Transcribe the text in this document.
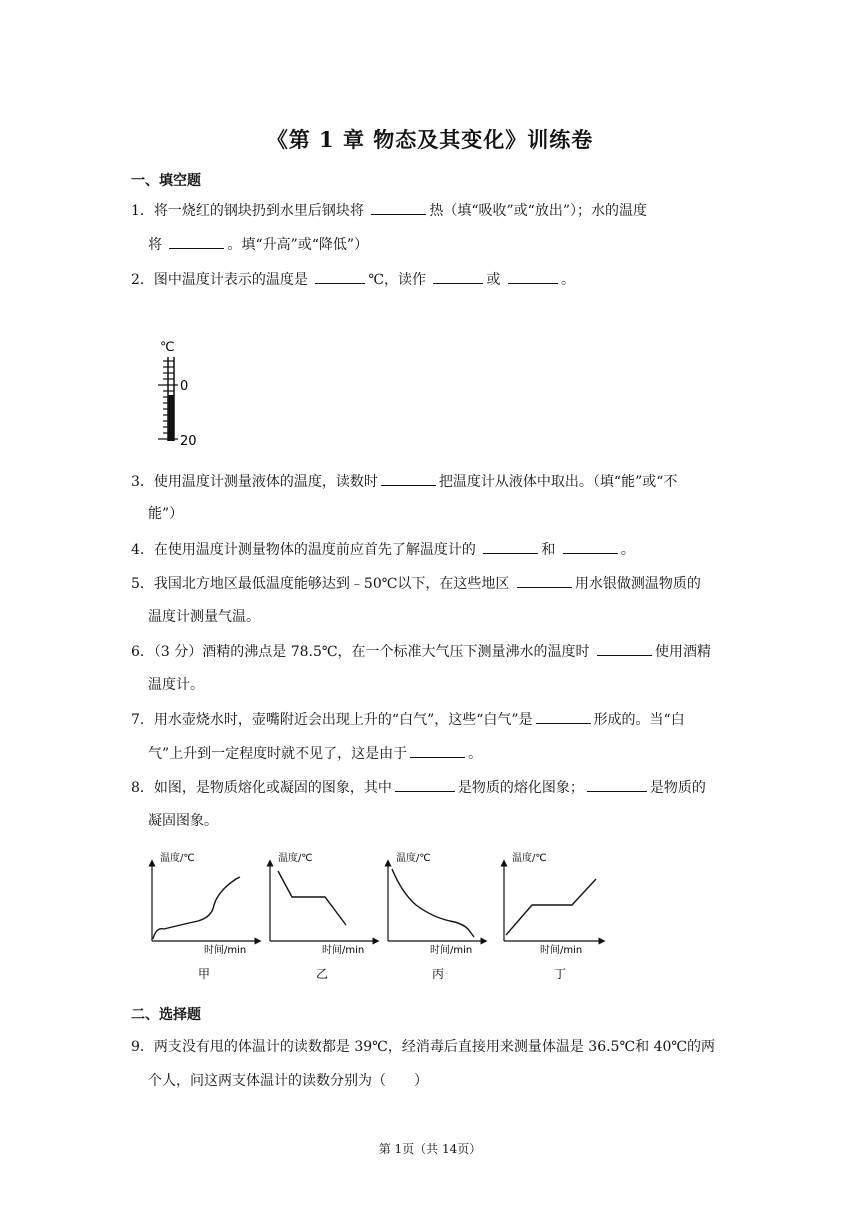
《第 1 章 物态及其变化》训练卷
一、填空题
1．将一烧红的钢块扔到水里后钢块将	热（填“吸收”或“放出”）；水的温度
将	。填“升高”或“降低”）
2．图中温度计表示的温度是	℃，读作	或	。
℃
0
20
3．使用温度计测量液体的温度，读数时	把温度计从液体中取出。（填“能”或“不
能”）
4．在使用温度计测量物体的温度前应首先了解温度计的	和	。
5．我国北方地区最低温度能够达到﹣50℃以下，在这些地区	用水银做测温物质的
温度计测量气温。
6．（3 分）酒精的沸点是 78.5℃，在一个标准大气压下测量沸水的温度时	使用酒精
温度计。
7．用水壶烧水时，壶嘴附近会出现上升的“白气”，这些“白气”是	形成的。当“白
气”上升到一定程度时就不见了，这是由于	。
8．如图，是物质熔化或凝固的图象，其中	是物质的熔化图象；	是物质的
凝固图象。
温度/℃
时间/min
甲
温度/℃
时间/min
乙
温度/℃
时间/min
丙
温度/℃
时间/min
丁
二、选择题
9．两支没有甩的体温计的读数都是 39℃，经消毒后直接用来测量体温是 36.5℃和 40℃的两
个人，问这两支体温计的读数分别为（　　）
第 1页（共 14页）
